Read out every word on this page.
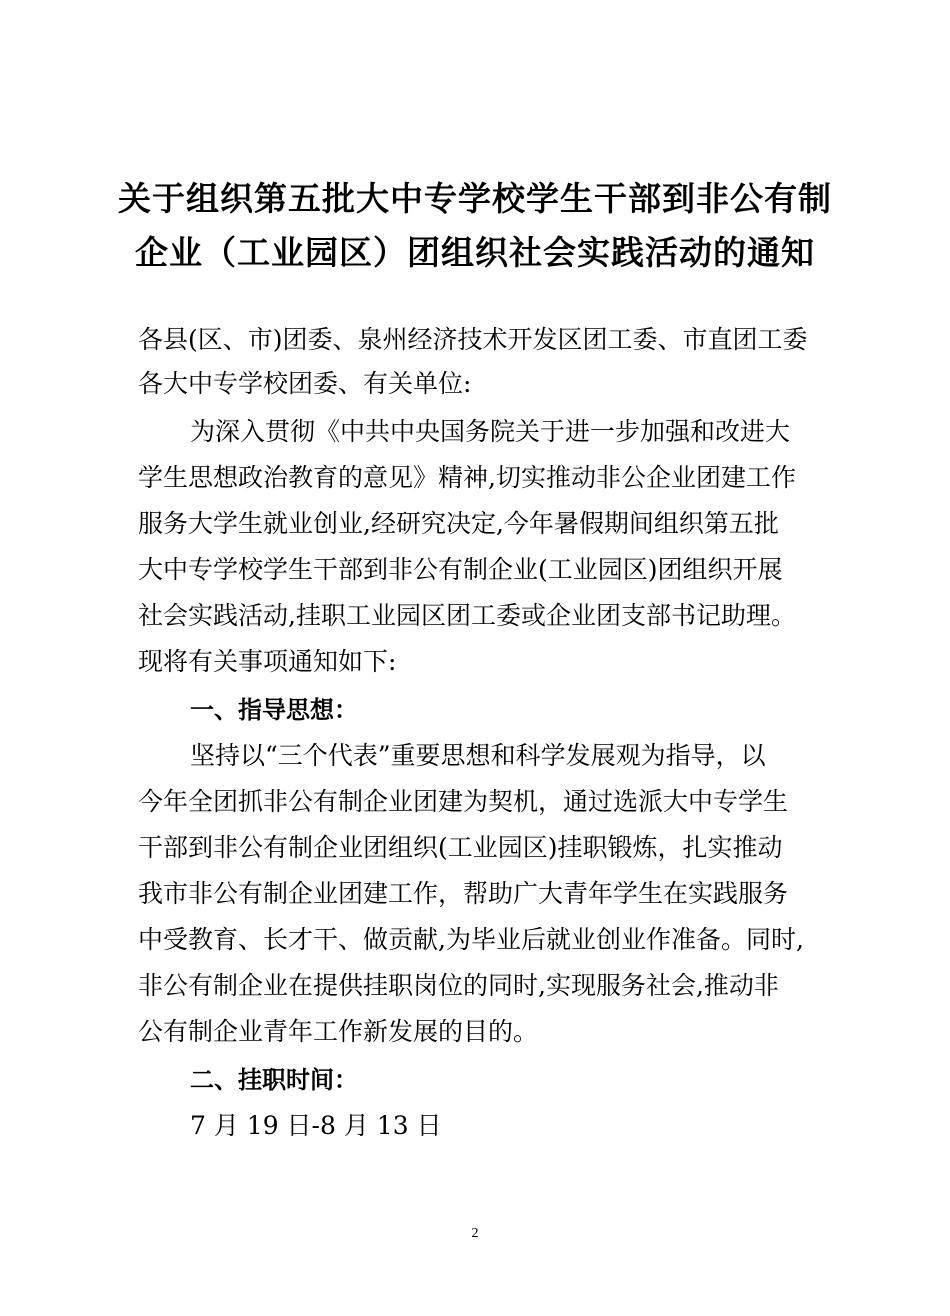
关于组织第五批大中专学校学生干部到非公有制
企业（工业园区）团组织社会实践活动的通知
各县(区、市)团委、泉州经济技术开发区团工委、市直团工委
各大中专学校团委、有关单位:
为深入贯彻《中共中央国务院关于进一步加强和改进大
学生思想政治教育的意见》精神,切实推动非公企业团建工作
服务大学生就业创业,经研究决定,今年暑假期间组织第五批
大中专学校学生干部到非公有制企业(工业园区)团组织开展
社会实践活动,挂职工业园区团工委或企业团支部书记助理。
现将有关事项通知如下:
一、指导思想：
坚持以“三个代表”重要思想和科学发展观为指导，以
今年全团抓非公有制企业团建为契机，通过选派大中专学生
干部到非公有制企业团组织(工业园区)挂职锻炼，扎实推动
我市非公有制企业团建工作，帮助广大青年学生在实践服务
中受教育、长才干、做贡献,为毕业后就业创业作准备。同时,
非公有制企业在提供挂职岗位的同时,实现服务社会,推动非
公有制企业青年工作新发展的目的。
二、挂职时间：
7 月 19 日-8 月 13 日
2
